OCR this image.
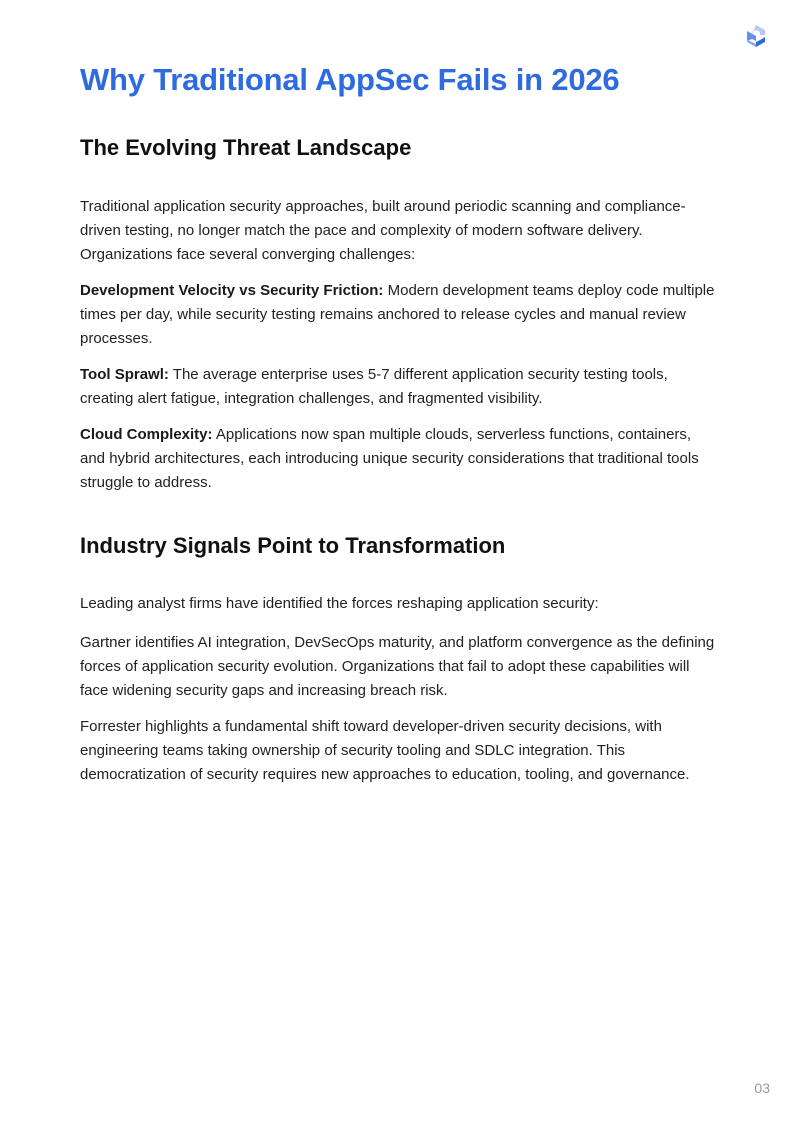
Why Traditional AppSec Fails in 2026
The Evolving Threat Landscape

Traditional application security approaches, built around periodic scanning and compliance-driven testing, no longer match the pace and complexity of modern software delivery. Organizations face several converging challenges:

Development Velocity vs Security Friction: Modern development teams deploy code multiple times per day, while security testing remains anchored to release cycles and manual review processes.

Tool Sprawl: The average enterprise uses 5-7 different application security testing tools, creating alert fatigue, integration challenges, and fragmented visibility.

Cloud Complexity: Applications now span multiple clouds, serverless functions, containers, and hybrid architectures, each introducing unique security considerations that traditional tools struggle to address.

Industry Signals Point to Transformation

Leading analyst firms have identified the forces reshaping application security:

Gartner identifies AI integration, DevSecOps maturity, and platform convergence as the defining forces of application security evolution. Organizations that fail to adopt these capabilities will face widening security gaps and increasing breach risk.

Forrester highlights a fundamental shift toward developer-driven security decisions, with engineering teams taking ownership of security tooling and SDLC integration. This democratization of security requires new approaches to education, tooling, and governance.

03
